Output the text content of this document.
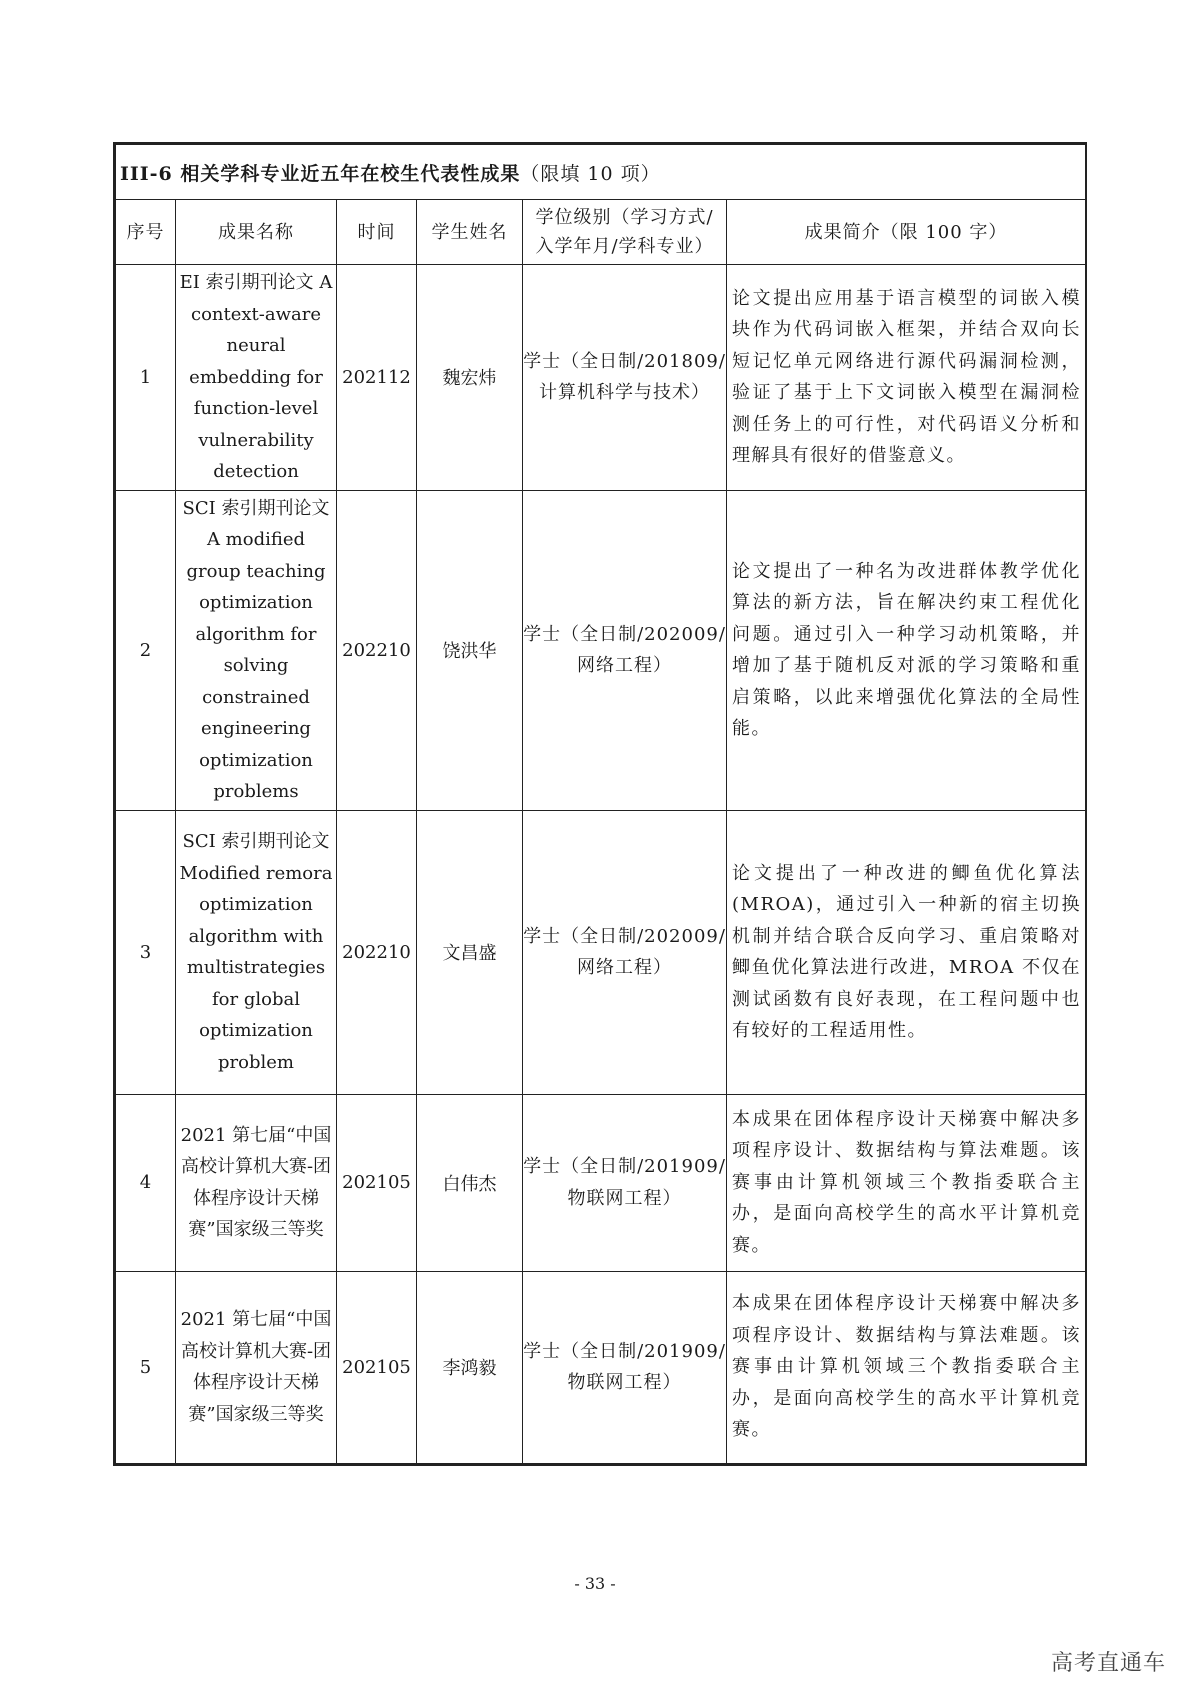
III-6 相关学科专业近五年在校生代表性成果（限填 10 项）					
序号	成果名称	时间	学生姓名	学位级别（学习方式/入学年月/学科专业）	成果简介（限 100 字）
1	EI 索引期刊论文 A context-aware neural embedding for function-level vulnerability detection	202112	魏宏炜	学士（全日制/201809/计算机科学与技术）	论文提出应用基于语言模型的词嵌入模块作为代码词嵌入框架，并结合双向长短记忆单元网络进行源代码漏洞检测，验证了基于上下文词嵌入模型在漏洞检测任务上的可行性，对代码语义分析和理解具有很好的借鉴意义。
2	SCI 索引期刊论文 A modified group teaching optimization algorithm for solving constrained engineering optimization problems	202210	饶洪华	学士（全日制/202009/网络工程）	论文提出了一种名为改进群体教学优化算法的新方法，旨在解决约束工程优化问题。通过引入一种学习动机策略，并增加了基于随机反对派的学习策略和重启策略，以此来增强优化算法的全局性能。
3	SCI 索引期刊论文 Modified remora optimization algorithm with multistrategies for global optimization problem	202210	文昌盛	学士（全日制/202009/网络工程）	论文提出了一种改进的鲫鱼优化算法(MROA)，通过引入一种新的宿主切换机制并结合联合反向学习、重启策略对鲫鱼优化算法进行改进，MROA 不仅在测试函数有良好表现，在工程问题中也有较好的工程适用性。
4	2021 第七届“中国高校计算机大赛-团体程序设计天梯赛”国家级三等奖	202105	白伟杰	学士（全日制/201909/物联网工程）	本成果在团体程序设计天梯赛中解决多项程序设计、数据结构与算法难题。该赛事由计算机领域三个教指委联合主办，是面向高校学生的高水平计算机竞赛。
5	2021 第七届“中国高校计算机大赛-团体程序设计天梯赛”国家级三等奖	202105	李鸿毅	学士（全日制/201909/物联网工程）	本成果在团体程序设计天梯赛中解决多项程序设计、数据结构与算法难题。该赛事由计算机领域三个教指委联合主办，是面向高校学生的高水平计算机竞赛。
- 33 -
高考直通车
